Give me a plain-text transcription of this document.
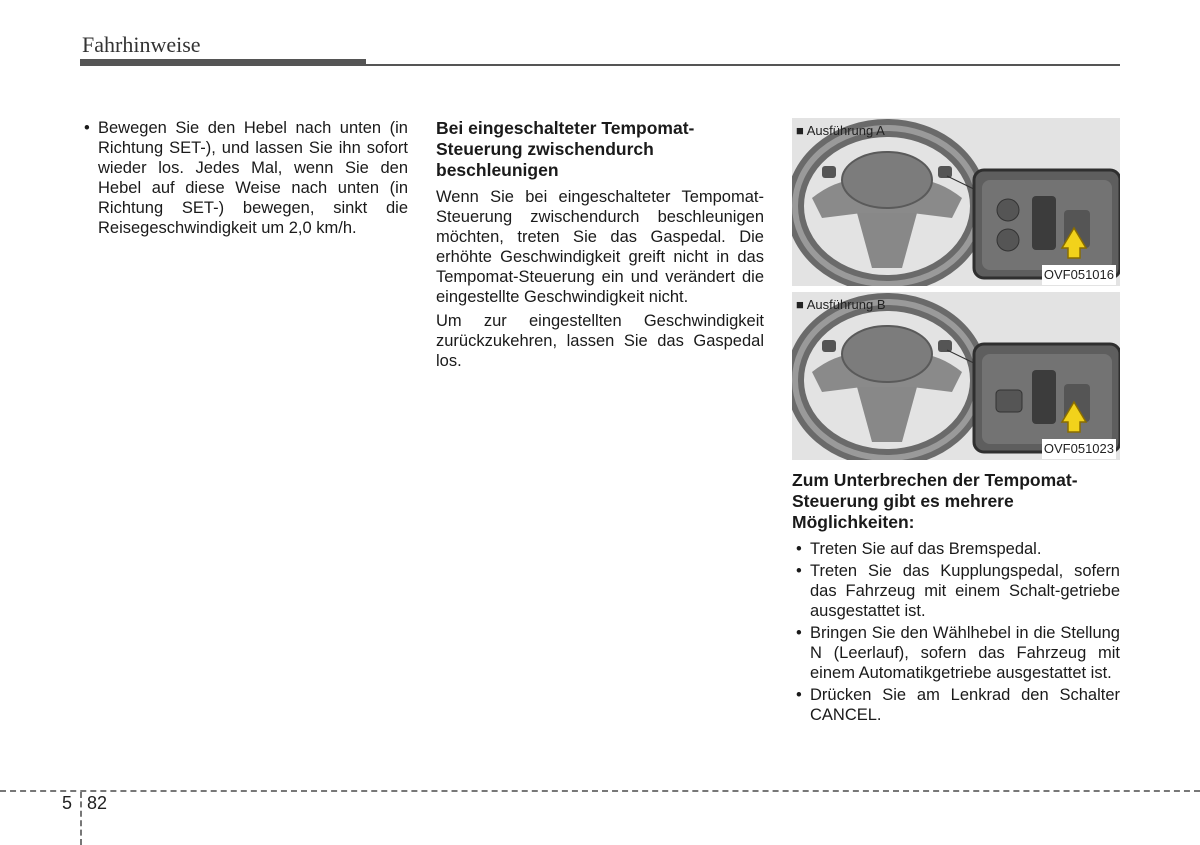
Fahrhinweise
• Bewegen Sie den Hebel nach unten (in Richtung SET-), und lassen Sie ihn sofort wieder los. Jedes Mal, wenn Sie den Hebel auf diese Weise nach unten (in Richtung SET-) bewegen, sinkt die Reisegeschwindigkeit um 2,0 km/h.
Bei eingeschalteter Tempomat-Steuerung zwischendurch beschleunigen
Wenn Sie bei eingeschalteter Tempomat-Steuerung zwischendurch beschleunigen möchten, treten Sie das Gaspedal. Die erhöhte Geschwindigkeit greift nicht in das Tempomat-Steuerung ein und verändert die eingestellte Geschwindigkeit nicht.
Um zur eingestellten Geschwindigkeit zurückzukehren, lassen Sie das Gaspedal los.
■ Ausführung A
OVF051016
■ Ausführung B
OVF051023
Zum Unterbrechen der Tempomat-Steuerung gibt es mehrere Möglichkeiten:
• Treten Sie auf das Bremspedal.
• Treten Sie das Kupplungspedal, sofern das Fahrzeug mit einem Schalt-getriebe ausgestattet ist.
• Bringen Sie den Wählhebel in die Stellung N (Leerlauf), sofern das Fahrzeug mit einem Automatikgetriebe ausgestattet ist.
• Drücken Sie am Lenkrad den Schalter CANCEL.
5 82
